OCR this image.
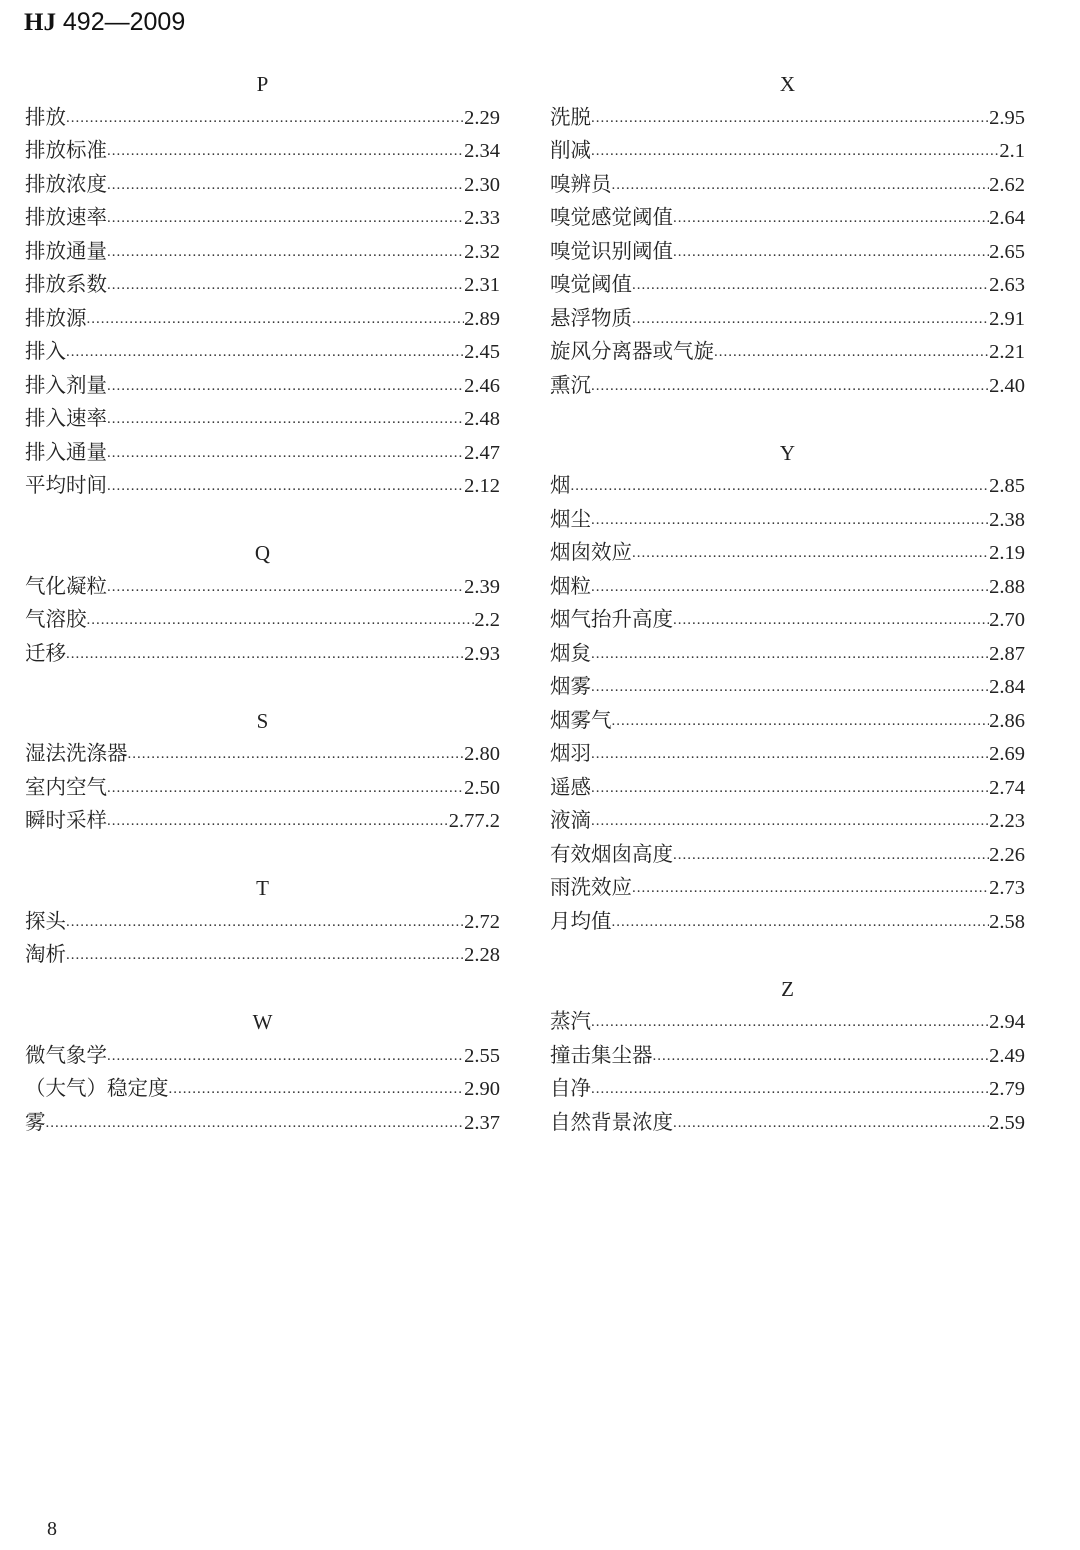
HJ 492—2009
P
排放 .....	2.29
排放标准 .....	2.34
排放浓度 .....	2.30
排放速率 .....	2.33
排放通量 .....	2.32
排放系数 .....	2.31
排放源 .....	2.89
排入 .....	2.45
排入剂量 .....	2.46
排入速率 .....	2.48
排入通量 .....	2.47
平均时间 .....	2.12
Q
气化凝粒 .....	2.39
气溶胶 .....	2.2
迁移 .....	2.93
S
湿法洗涤器 .....	2.80
室内空气 .....	2.50
瞬时采样 .....	2.77.2
T
探头 .....	2.72
淘析 .....	2.28
W
微气象学 .....	2.55
（大气）稳定度 .....	2.90
雾 .....	2.37
X
洗脱 .....	2.95
削减 .....	2.1
嗅辨员 .....	2.62
嗅觉感觉阈值 .....	2.64
嗅觉识别阈值 .....	2.65
嗅觉阈值 .....	2.63
悬浮物质 .....	2.91
旋风分离器或气旋 .....	2.21
熏沉 .....	2.40
Y
烟 .....	2.85
烟尘 .....	2.38
烟囱效应 .....	2.19
烟粒 .....	2.88
烟气抬升高度 .....	2.70
烟炱 .....	2.87
烟雾 .....	2.84
烟雾气 .....	2.86
烟羽 .....	2.69
遥感 .....	2.74
液滴 .....	2.23
有效烟囱高度 .....	2.26
雨洗效应 .....	2.73
月均值 .....	2.58
Z
蒸汽 .....	2.94
撞击集尘器 .....	2.49
自净 .....	2.79
自然背景浓度 .....	2.59
8
